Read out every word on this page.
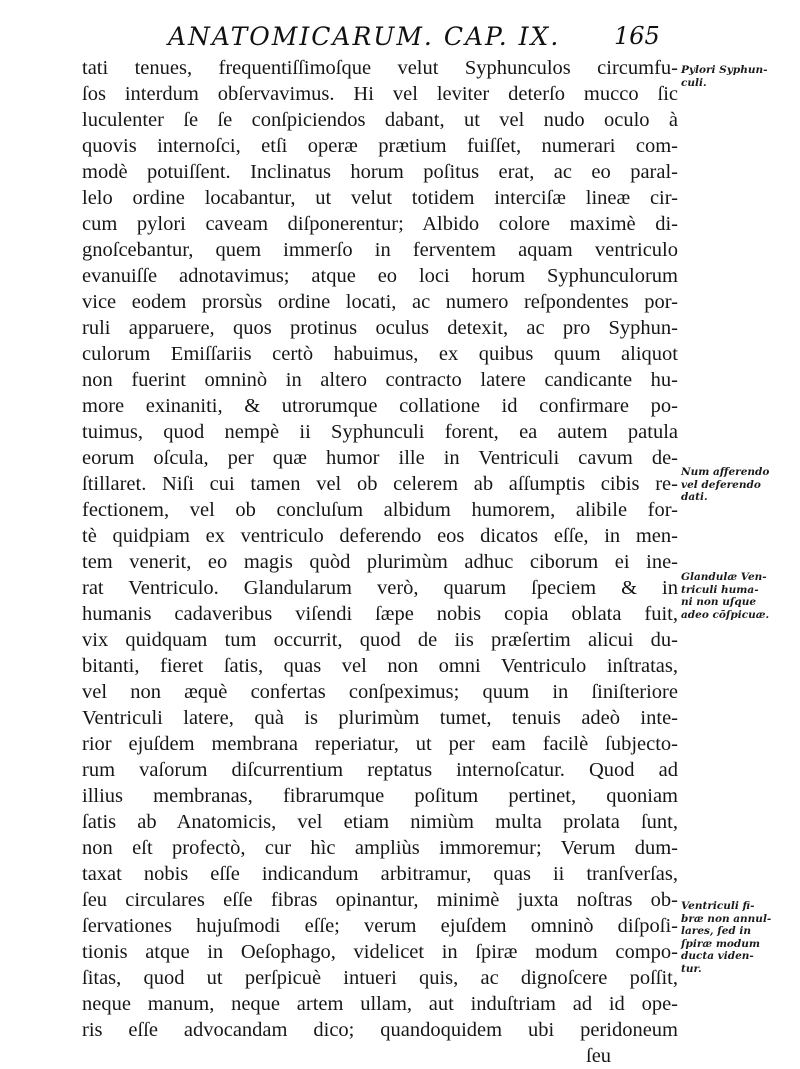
ANATOMICARUM. CAP. IX. 165
tati tenues, frequentiſſimoſque velut Syphunculos circumfu-
ſos interdum obſervavimus. Hi vel leviter deterſo mucco ſic
luculenter ſe ſe conſpiciendos dabant, ut vel nudo oculo à
quovis internoſci, etſi operæ prætium fuiſſet, numerari com-
modè potuiſſent. Inclinatus horum poſitus erat, ac eo paral-
lelo ordine locabantur, ut velut totidem interciſæ lineæ cir-
cum pylori caveam diſponerentur; Albido colore maximè di-
gnoſcebantur, quem immerſo in ferventem aquam ventriculo
evanuiſſe adnotavimus; atque eo loci horum Syphunculorum
vice eodem prorsùs ordine locati, ac numero reſpondentes por-
ruli apparuere, quos protinus oculus detexit, ac pro Syphun-
culorum Emiſſariis certò habuimus, ex quibus quum aliquot
non fuerint omninò in altero contracto latere candicante hu-
more exinaniti, & utrorumque collatione id confirmare po-
tuimus, quod nempè ii Syphunculi forent, ea autem patula
eorum oſcula, per quæ humor ille in Ventriculi cavum de-
ſtillaret. Niſi cui tamen vel ob celerem ab aſſumptis cibis re-
fectionem, vel ob concluſum albidum humorem, alibile for-
tè quidpiam ex ventriculo deferendo eos dicatos eſſe, in men-
tem venerit, eo magis quòd plurimùm adhuc ciborum ei ine-
rat Ventriculo. Glandularum verò, quarum ſpeciem & in
humanis cadaveribus viſendi ſæpe nobis copia oblata fuit,
vix quidquam tum occurrit, quod de iis præſertim alicui du-
bitanti, fieret ſatis, quas vel non omni Ventriculo inſtratas,
vel non æquè confertas conſpeximus; quum in ſiniſteriore
Ventriculi latere, quà is plurimùm tumet, tenuis adeò inte-
rior ejuſdem membrana reperiatur, ut per eam facilè ſubjecto-
rum vaſorum diſcurrentium reptatus internoſcatur. Quod ad
illius membranas, fibrarumque poſitum pertinet, quoniam
ſatis ab Anatomicis, vel etiam nimiùm multa prolata ſunt,
non eſt profectò, cur hìc ampliùs immoremur; Verum dum-
taxat nobis eſſe indicandum arbitramur, quas ii tranſverſas,
ſeu circulares eſſe fibras opinantur, minimè juxta noſtras ob-
ſervationes hujuſmodi eſſe; verum ejuſdem omninò diſpoſi-
tionis atque in Oeſophago, videlicet in ſpiræ modum compo-
ſitas, quod ut perſpicuè intueri quis, ac dignoſcere poſſit,
neque manum, neque artem ullam, aut induſtriam ad id ope-
ris eſſe advocandam dico; quandoquidem ubi peridoneum
ſeu
Pylori Syphun-
culi.
Num afferendo
vel deferendo
dati.
Glandulæ Ven-
triculi huma-
ni non uſque
adeo cōſpicuæ.
Ventriculi fi-
bræ non annul-
lares, ſed in
ſpiræ modum
ducta viden-
tur.
